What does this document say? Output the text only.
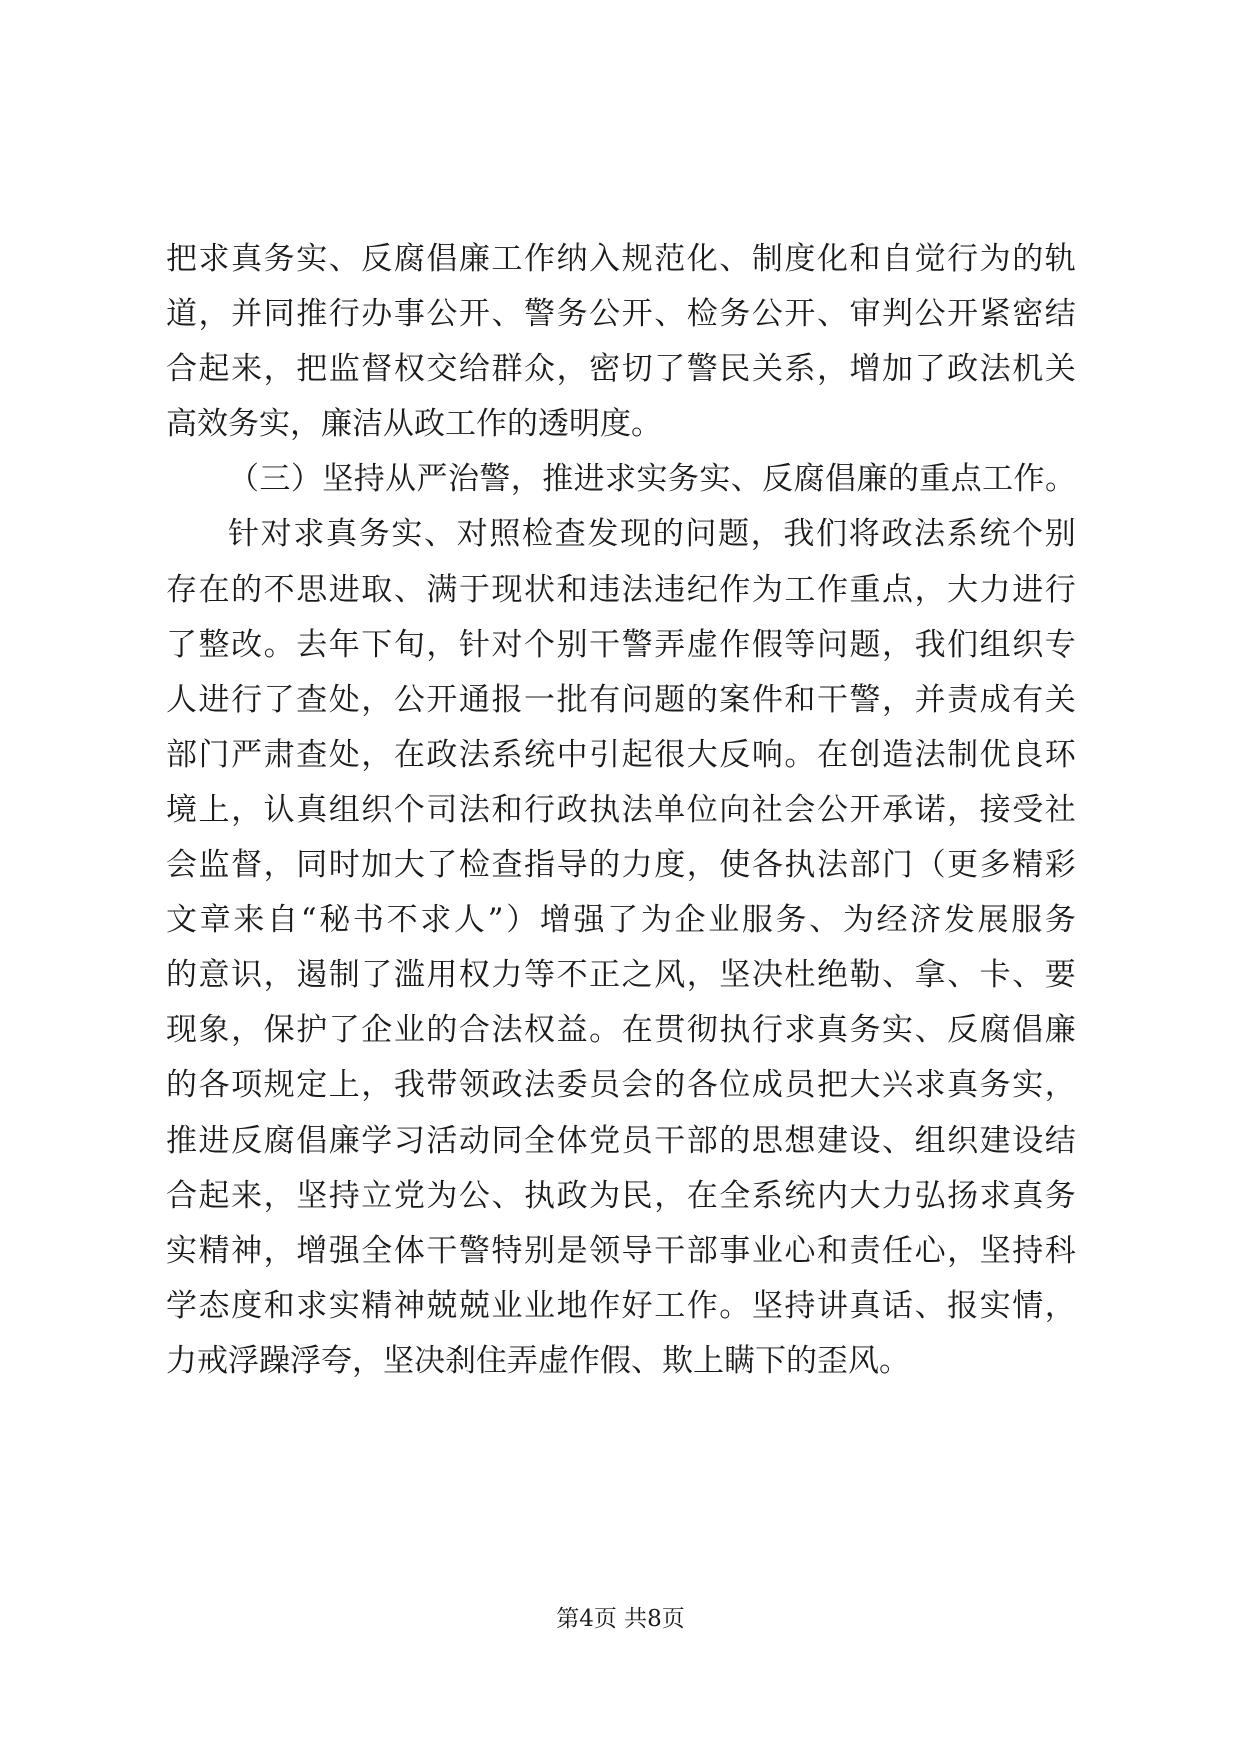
把 求 真 务 实 、 反 腐 倡 廉 工 作 纳 入 规 范 化 、 制 度 化 和 自 觉 行 为 的 轨
道 ， 并 同 推 行 办 事 公 开 、 警 务 公 开 、 检 务 公 开 、 审 判 公 开 紧 密 结
合 起 来 ， 把 监 督 权 交 给 群 众 ， 密 切 了 警 民 关 系 ， 增 加 了 政 法 机 关
高效务实，廉洁从政工作的透明度。
（ 三 ） 坚 持 从 严 治 警 ， 推 进 求 实 务 实 、 反 腐 倡 廉 的 重 点 工 作 。
针 对 求 真 务 实 、 对 照 检 查 发 现 的 问 题 ， 我 们 将 政 法 系 统 个 别
存 在 的 不 思 进 取 、 满 于 现 状 和 违 法 违 纪 作 为 工 作 重 点 ， 大 力 进 行
了 整 改 。 去 年 下 旬 ， 针 对 个 别 干 警 弄 虚 作 假 等 问 题 ， 我 们 组 织 专
人 进 行 了 查 处 ， 公 开 通 报 一 批 有 问 题 的 案 件 和 干 警 ， 并 责 成 有 关
部 门 严 肃 查 处 ， 在 政 法 系 统 中 引 起 很 大 反 响 。 在 创 造 法 制 优 良 环
境 上 ， 认 真 组 织 个 司 法 和 行 政 执 法 单 位 向 社 会 公 开 承 诺 ， 接 受 社
会 监 督 ， 同 时 加 大 了 检 查 指 导 的 力 度 ， 使 各 执 法 部 门 （ 更 多 精 彩
文 章 来 自 “ 秘 书 不 求 人 ” ） 增 强 了 为 企 业 服 务 、 为 经 济 发 展 服 务
的 意 识 ， 遏 制 了 滥 用 权 力 等 不 正 之 风 ， 坚 决 杜 绝 勒 、 拿 、 卡 、 要
现 象 ， 保 护 了 企 业 的 合 法 权 益 。 在 贯 彻 执 行 求 真 务 实 、 反 腐 倡 廉
的 各 项 规 定 上 ， 我 带 领 政 法 委 员 会 的 各 位 成 员 把 大 兴 求 真 务 实 ，
推 进 反 腐 倡 廉 学 习 活 动 同 全 体 党 员 干 部 的 思 想 建 设 、 组 织 建 设 结
合 起 来 ， 坚 持 立 党 为 公 、 执 政 为 民 ， 在 全 系 统 内 大 力 弘 扬 求 真 务
实 精 神 ， 增 强 全 体 干 警 特 别 是 领 导 干 部 事 业 心 和 责 任 心 ， 坚 持 科
学 态 度 和 求 实 精 神 兢 兢 业 业 地 作 好 工 作 。 坚 持 讲 真 话 、 报 实 情 ，
力戒浮躁浮夸，坚决刹住弄虚作假、欺上瞒下的歪风。
第4页 共8页
